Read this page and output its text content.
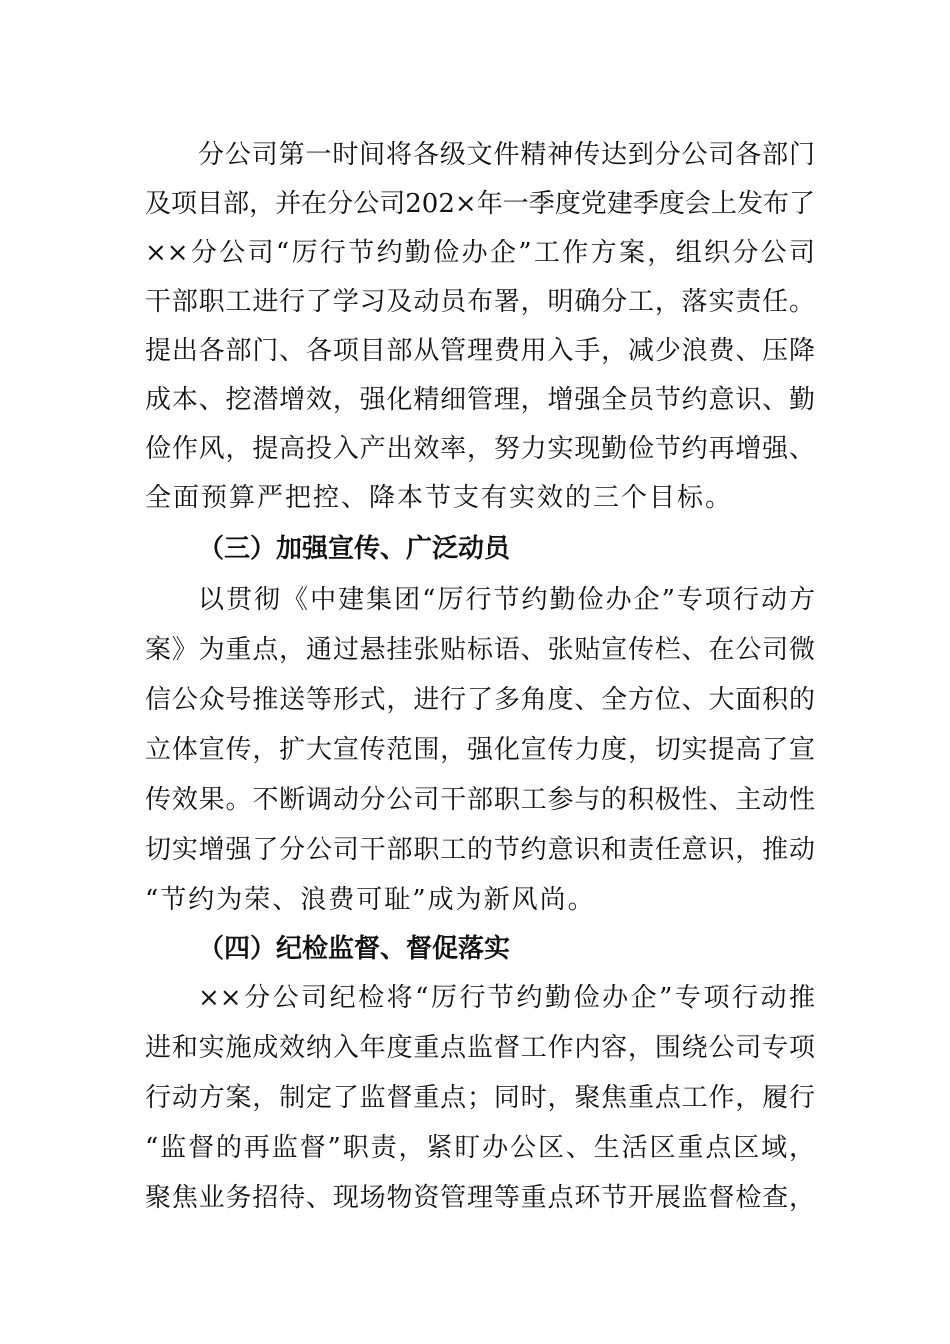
分公司第一时间将各级文件精神传达到分公司各部门
及项目部，并在分公司202×年一季度党建季度会上发布了
××分公司“厉行节约勤俭办企”工作方案，组织分公司
干部职工进行了学习及动员布署，明确分工，落实责任。
提出各部门、各项目部从管理费用入手，减少浪费、压降
成本、挖潜增效，强化精细管理，增强全员节约意识、勤
俭作风，提高投入产出效率，努力实现勤俭节约再增强、
全面预算严把控、降本节支有实效的三个目标。
（三）加强宣传、广泛动员
以贯彻《中建集团“厉行节约勤俭办企”专项行动方
案》为重点，通过悬挂张贴标语、张贴宣传栏、在公司微
信公众号推送等形式，进行了多角度、全方位、大面积的
立体宣传，扩大宣传范围，强化宣传力度，切实提高了宣
传效果。不断调动分公司干部职工参与的积极性、主动性
切实增强了分公司干部职工的节约意识和责任意识，推动
“节约为荣、浪费可耻”成为新风尚。
（四）纪检监督、督促落实
××分公司纪检将“厉行节约勤俭办企”专项行动推
进和实施成效纳入年度重点监督工作内容，围绕公司专项
行动方案，制定了监督重点；同时，聚焦重点工作，履行
“监督的再监督”职责，紧盯办公区、生活区重点区域，
聚焦业务招待、现场物资管理等重点环节开展监督检查，
